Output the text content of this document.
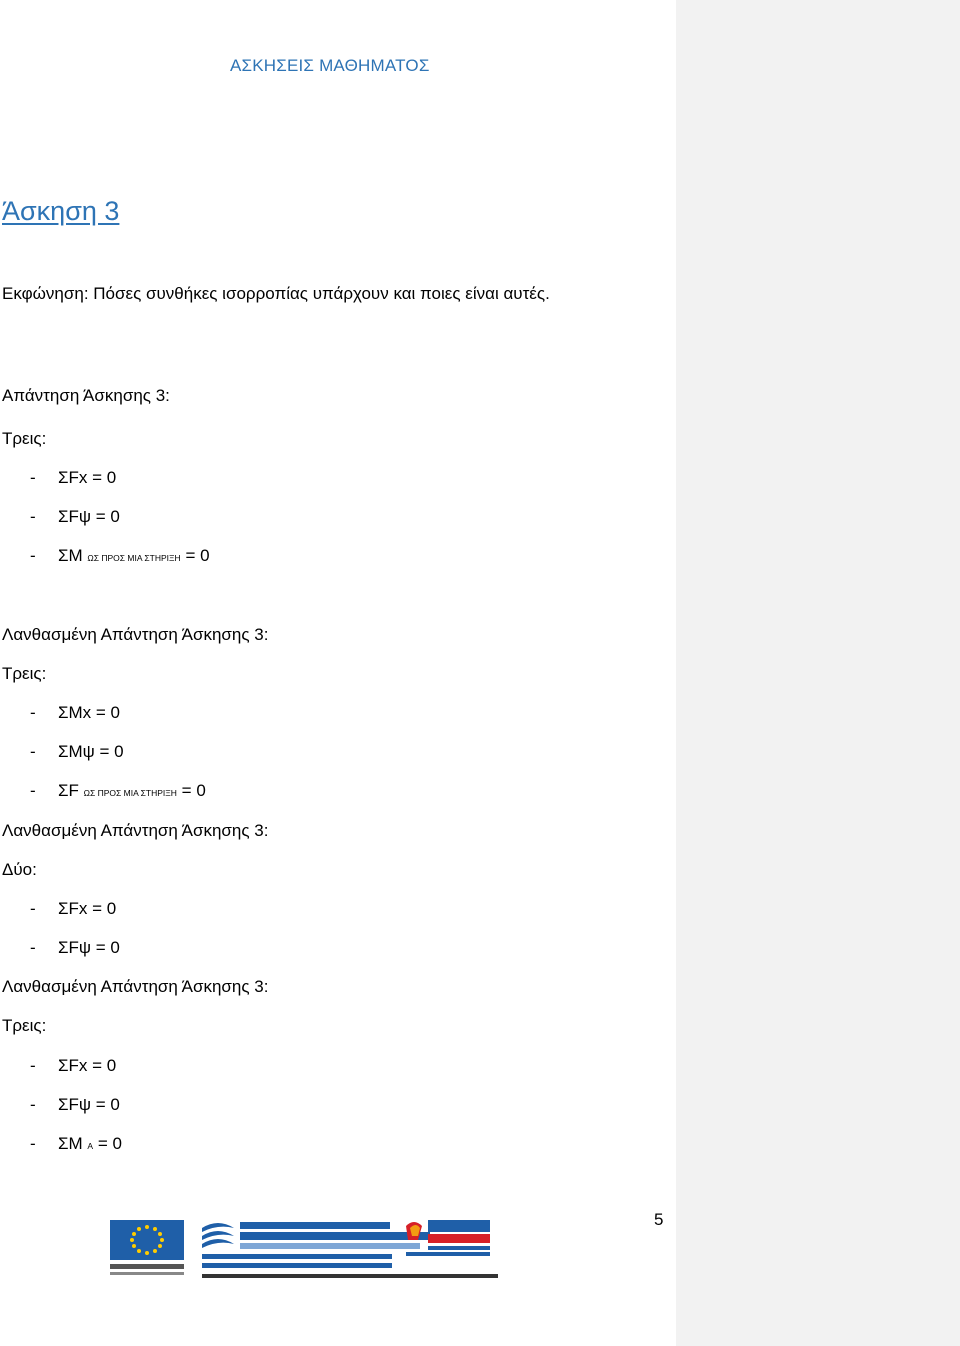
ΑΣΚΗΣΕΙΣ ΜΑΘΗΜΑΤΟΣ
Άσκηση 3
Εκφώνηση: Πόσες συνθήκες ισορροπίας υπάρχουν και ποιες είναι αυτές.
Απάντηση Άσκησης 3:
Τρεις:
- ΣFx = 0
- ΣFψ = 0
- ΣΜ ΩΣ ΠΡΟΣ ΜΙΑ ΣΤΗΡΙΞΗ = 0
Λανθασμένη Απάντηση Άσκησης 3:
Τρεις:
- ΣΜx = 0
- ΣΜψ = 0
- ΣF ΩΣ ΠΡΟΣ ΜΙΑ ΣΤΗΡΙΞΗ = 0
Λανθασμένη Απάντηση Άσκησης 3:
Δύο:
- ΣFx = 0
- ΣFψ = 0
Λανθασμένη Απάντηση Άσκησης 3:
Τρεις:
- ΣFx = 0
- ΣFψ = 0
- ΣΜ Α = 0
5
